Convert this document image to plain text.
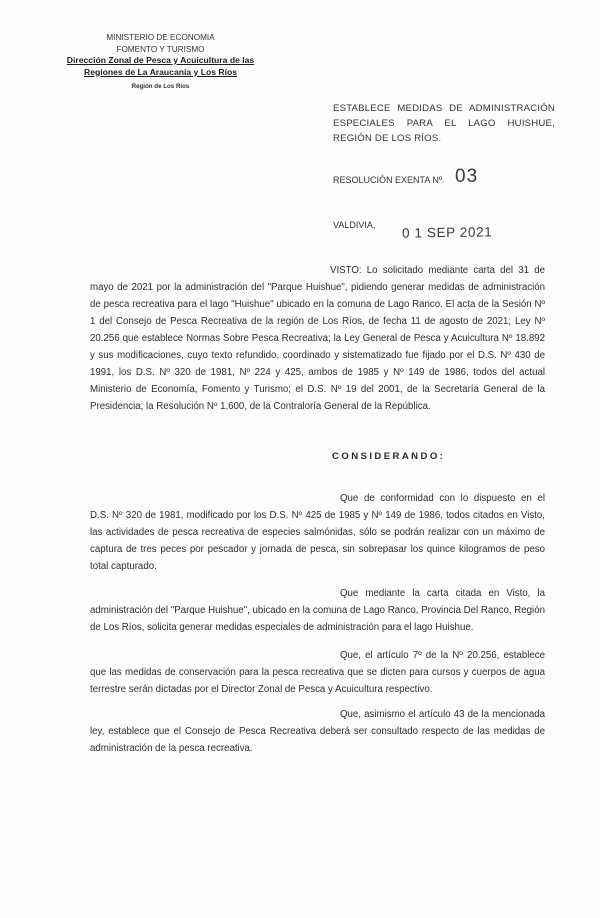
MINISTERIO DE ECONOMIA
FOMENTO Y TURISMO
Dirección Zonal de Pesca y Acuicultura de las
Regiones de La Araucanía y Los Ríos
Región de Los Ríos
ESTABLECE MEDIDAS DE ADMINISTRACIÓN ESPECIALES PARA EL LAGO HUISHUE, REGIÓN DE LOS RÍOS.
RESOLUCIÓN EXENTA Nº 03
VALDIVIA, 0 1 SEP 2021
VISTO: Lo solicitado mediante carta del 31 de mayo de 2021 por la administración del "Parque Huishue", pidiendo generar medidas de administración de pesca recreativa para el lago "Huishue" ubicado en la comuna de Lago Ranco. El acta de la Sesión Nº 1 del Consejo de Pesca Recreativa de la región de Los Ríos, de fecha 11 de agosto de 2021; Ley Nº 20.256 que establece Normas Sobre Pesca Recreativa; la Ley General de Pesca y Acuicultura Nº 18.892 y sus modificaciones, cuyo texto refundido, coordinado y sistematizado fue fijado por el D.S. Nº 430 de 1991, los D.S. Nº 320 de 1981, Nº 224 y 425, ambos de 1985 y Nº 149 de 1986, todos del actual Ministerio de Economía, Fomento y Turismo; el D.S. Nº 19 del 2001, de la Secretaría General de la Presidencia; la Resolución Nº 1.600, de la Contraloría General de la República.
CONSIDERANDO:
Que de conformidad con lo dispuesto en el D.S. Nº 320 de 1981, modificado por los D.S. Nº 425 de 1985 y Nº 149 de 1986, todos citados en Visto, las actividades de pesca recreativa de especies salmónidas, sólo se podrán realizar con un máximo de captura de tres peces por pescador y jornada de pesca, sin sobrepasar los quince kilogramos de peso total capturado.
Que mediante la carta citada en Visto, la administración del "Parque Huishue", ubicado en la comuna de Lago Ranco, Provincia Del Ranco, Región de Los Ríos, solicita generar medidas especiales de administración para el lago Huishue.
Que, el artículo 7º de la Nº 20.256, establece que las medidas de conservación para la pesca recreativa que se dicten para cursos y cuerpos de agua terrestre serán dictadas por el Director Zonal de Pesca y Acuicultura respectivo.
Que, asimismo el artículo 43 de la mencionada ley, establece que el Consejo de Pesca Recreativa deberá ser consultado respecto de las medidas de administración de la pesca recreativa.
